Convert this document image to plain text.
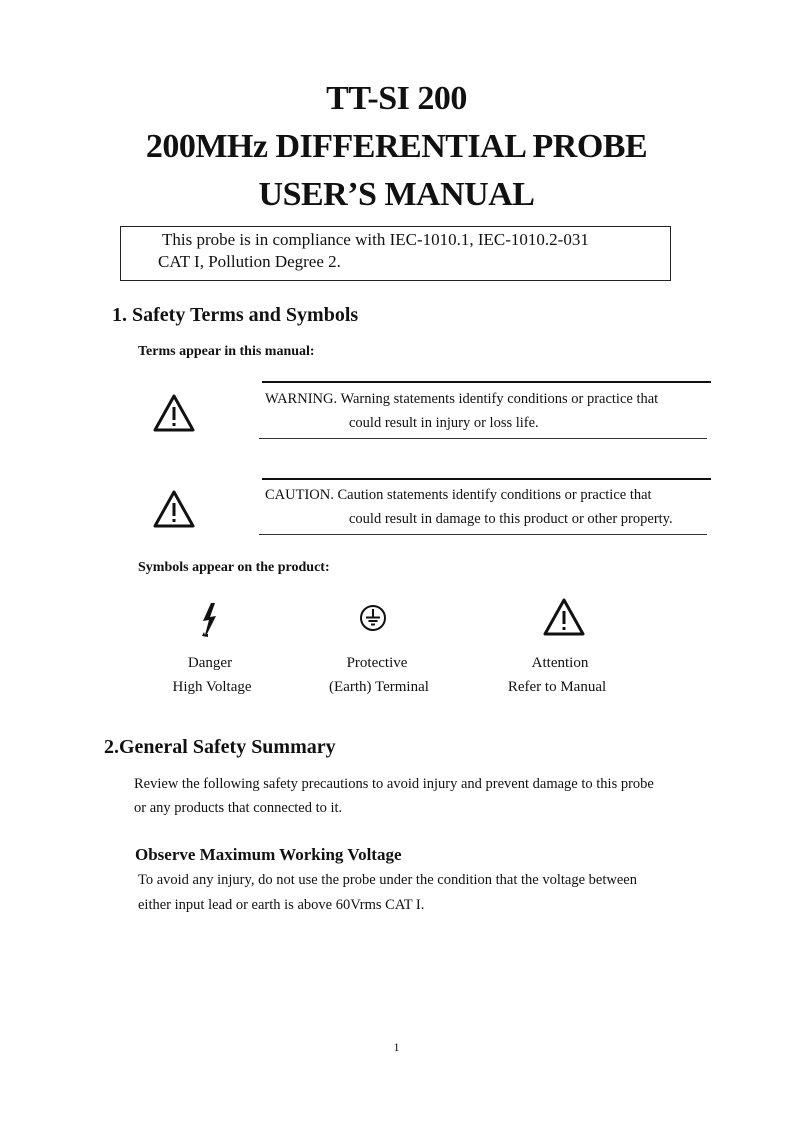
TT-SI 200
200MHz DIFFERENTIAL PROBE
USER’S MANUAL
This probe is in compliance with IEC-1010.1, IEC-1010.2-031
CAT I, Pollution Degree 2.
1. Safety Terms and Symbols
Terms appear in this manual:
WARNING. Warning statements identify conditions or practice that
could result in injury or loss life.
CAUTION. Caution statements identify conditions or practice that
could result in damage to this product or other property.
Symbols appear on the product:
Danger
High Voltage
Protective
(Earth) Terminal
Attention
Refer to Manual
2.General Safety Summary
Review the following safety precautions to avoid injury and prevent damage to this probe
or any products that connected to it.
Observe Maximum Working Voltage
To avoid any injury, do not use the probe under the condition that the voltage between
either input lead or earth is above 60Vrms CAT I.
1
